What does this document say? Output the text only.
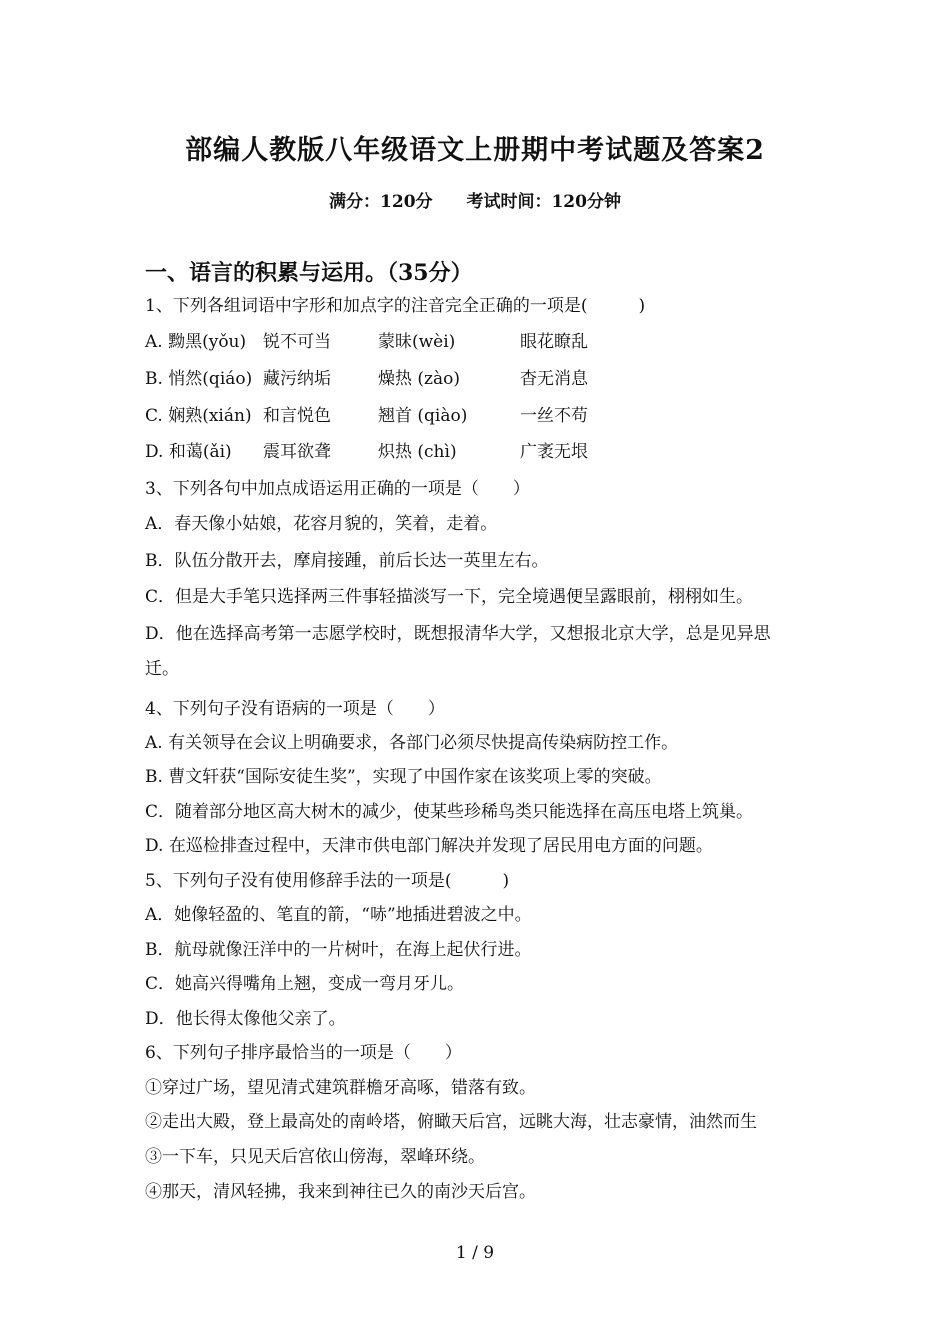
部编人教版八年级语文上册期中考试题及答案2
满分：120分 考试时间：120分钟
一、语言的积累与运用。（35分）
1、下列各组词语中字形和加点字的注音完全正确的一项是(　　　)
A. 黝黑(yǒu) 锐不可当	蒙昧(wèi)	眼花瞭乱
B. 悄然(qiáo) 藏污纳垢	燥热 (zào)	杳无消息
C. 娴熟(xián) 和言悦色	翘首 (qiào)	一丝不苟
D. 和蔼(ǎi) 震耳欲聋	炽热 (chì)	广袤无垠
3、下列各句中加点成语运用正确的一项是（　　）
A．春天像小姑娘，花容月貌的，笑着，走着。
B．队伍分散开去，摩肩接踵，前后长达一英里左右。
C．但是大手笔只选择两三件事轻描淡写一下，完全境遇便呈露眼前，栩栩如生。
D．他在选择高考第一志愿学校时，既想报清华大学，又想报北京大学，总是见异思
迁。
4、下列句子没有语病的一项是（　　）
A. 有关领导在会议上明确要求，各部门必须尽快提高传染病防控工作。
B. 曹文轩获“国际安徒生奖”，实现了中国作家在该奖项上零的突破。
C．随着部分地区高大树木的减少，使某些珍稀鸟类只能选择在高压电塔上筑巢。
D. 在巡检排查过程中，天津市供电部门解决并发现了居民用电方面的问题。
5、下列句子没有使用修辞手法的一项是(　　　)
A．她像轻盈的、笔直的箭，“哧”地插进碧波之中。
B．航母就像汪洋中的一片树叶，在海上起伏行进。
C．她高兴得嘴角上翘，变成一弯月牙儿。
D．他长得太像他父亲了。
6、下列句子排序最恰当的一项是（　　）
①穿过广场，望见清式建筑群檐牙高啄，错落有致。
②走出大殿，登上最高处的南岭塔，俯瞰天后宫，远眺大海，壮志豪情，油然而生
③一下车，只见天后宫依山傍海，翠峰环绕。
④那天，清风轻拂，我来到神往已久的南沙天后宫。
1 / 9
